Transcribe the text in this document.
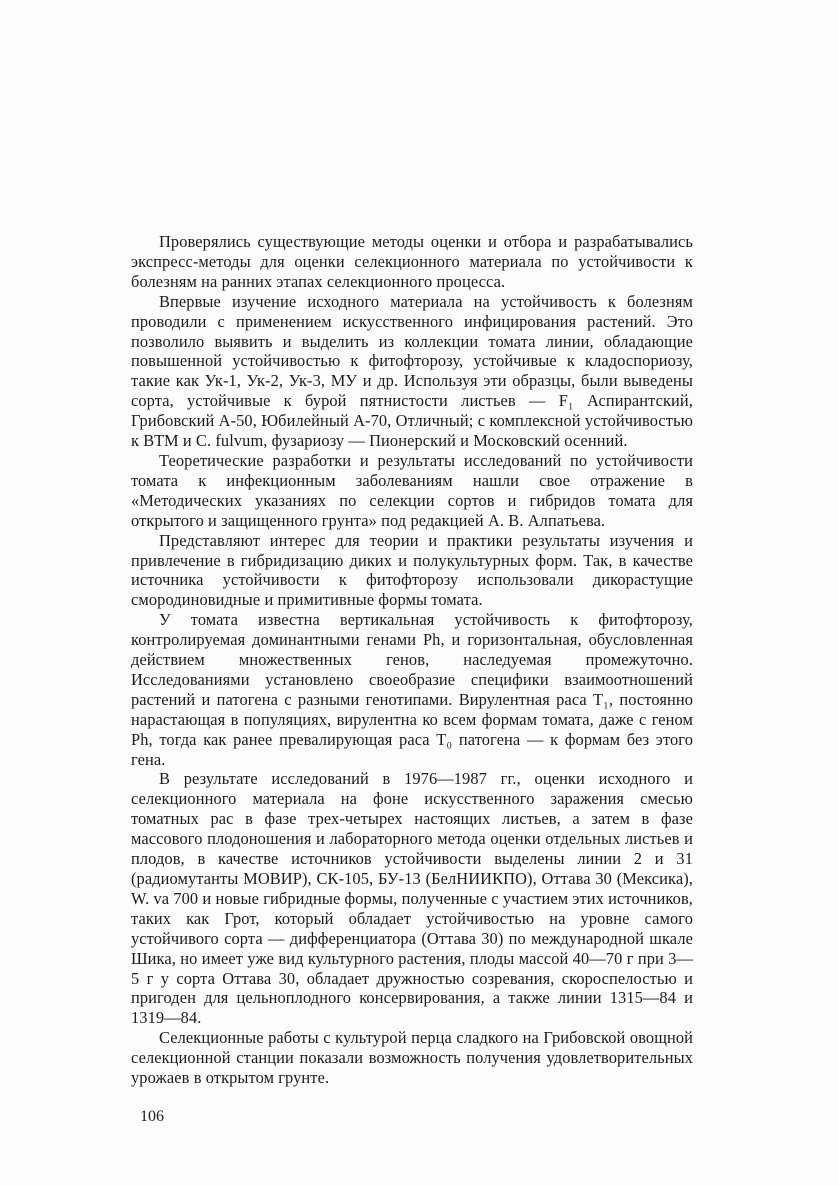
Проверялись существующие методы оценки и отбора и разрабатывались экспресс-методы для оценки селекционного материала по устойчивости к болезням на ранних этапах селекционного процесса.

Впервые изучение исходного материала на устойчивость к болезням проводили с применением искусственного инфицирования растений. Это позволило выявить и выделить из коллекции томата линии, обладающие повышенной устойчивостью к фитофторозу, устойчивые к кладоспориозу, такие как Ук-1, Ук-2, Ук-3, МУ и др. Используя эти образцы, были выведены сорта, устойчивые к бурой пятнистости листьев — F₁ Аспирантский, Грибовский А-50, Юбилейный А-70, Отличный; с комплексной устойчивостью к ВТМ и С. fulvum, фузариозу — Пионерский и Московский осенний.

Теоретические разработки и результаты исследований по устойчивости томата к инфекционным заболеваниям нашли свое отражение в «Методических указаниях по селекции сортов и гибридов томата для открытого и защищенного грунта» под редакцией А. В. Алпатьева.

Представляют интерес для теории и практики результаты изучения и привлечение в гибридизацию диких и полукультурных форм. Так, в качестве источника устойчивости к фитофторозу использовали дикорастущие смородиновидные и примитивные формы томата.

У томата известна вертикальная устойчивость к фитофторозу, контролируемая доминантными генами Ph, и горизонтальная, обусловленная действием множественных генов, наследуемая промежуточно. Исследованиями установлено своеобразие специфики взаимоотношений растений и патогена с разными генотипами. Вирулентная раса T₁, постоянно нарастающая в популяциях, вирулентна ко всем формам томата, даже с геном Ph, тогда как ранее превалирующая раса T₀ патогена — к формам без этого гена.

В результате исследований в 1976—1987 гг., оценки исходного и селекционного материала на фоне искусственного заражения смесью томатных рас в фазе трех-четырех настоящих листьев, а затем в фазе массового плодоношения и лабораторного метода оценки отдельных листьев и плодов, в качестве источников устойчивости выделены линии 2 и 31 (радиомутанты МОВИР), СК-105, БУ-13 (БелНИИКПО), Оттава 30 (Мексика), W. va 700 и новые гибридные формы, полученные с участием этих источников, таких как Грот, который обладает устойчивостью на уровне самого устойчивого сорта — дифференциатора (Оттава 30) по международной шкале Шика, но имеет уже вид культурного растения, плоды массой 40—70 г при 3—5 г у сорта Оттава 30, обладает дружностью созревания, скороспелостью и пригоден для цельноплодного консервирования, а также линии 1315—84 и 1319—84.

Селекционные работы с культурой перца сладкого на Грибовской овощной селекционной станции показали возможность получения удовлетворительных урожаев в открытом грунте.

106
